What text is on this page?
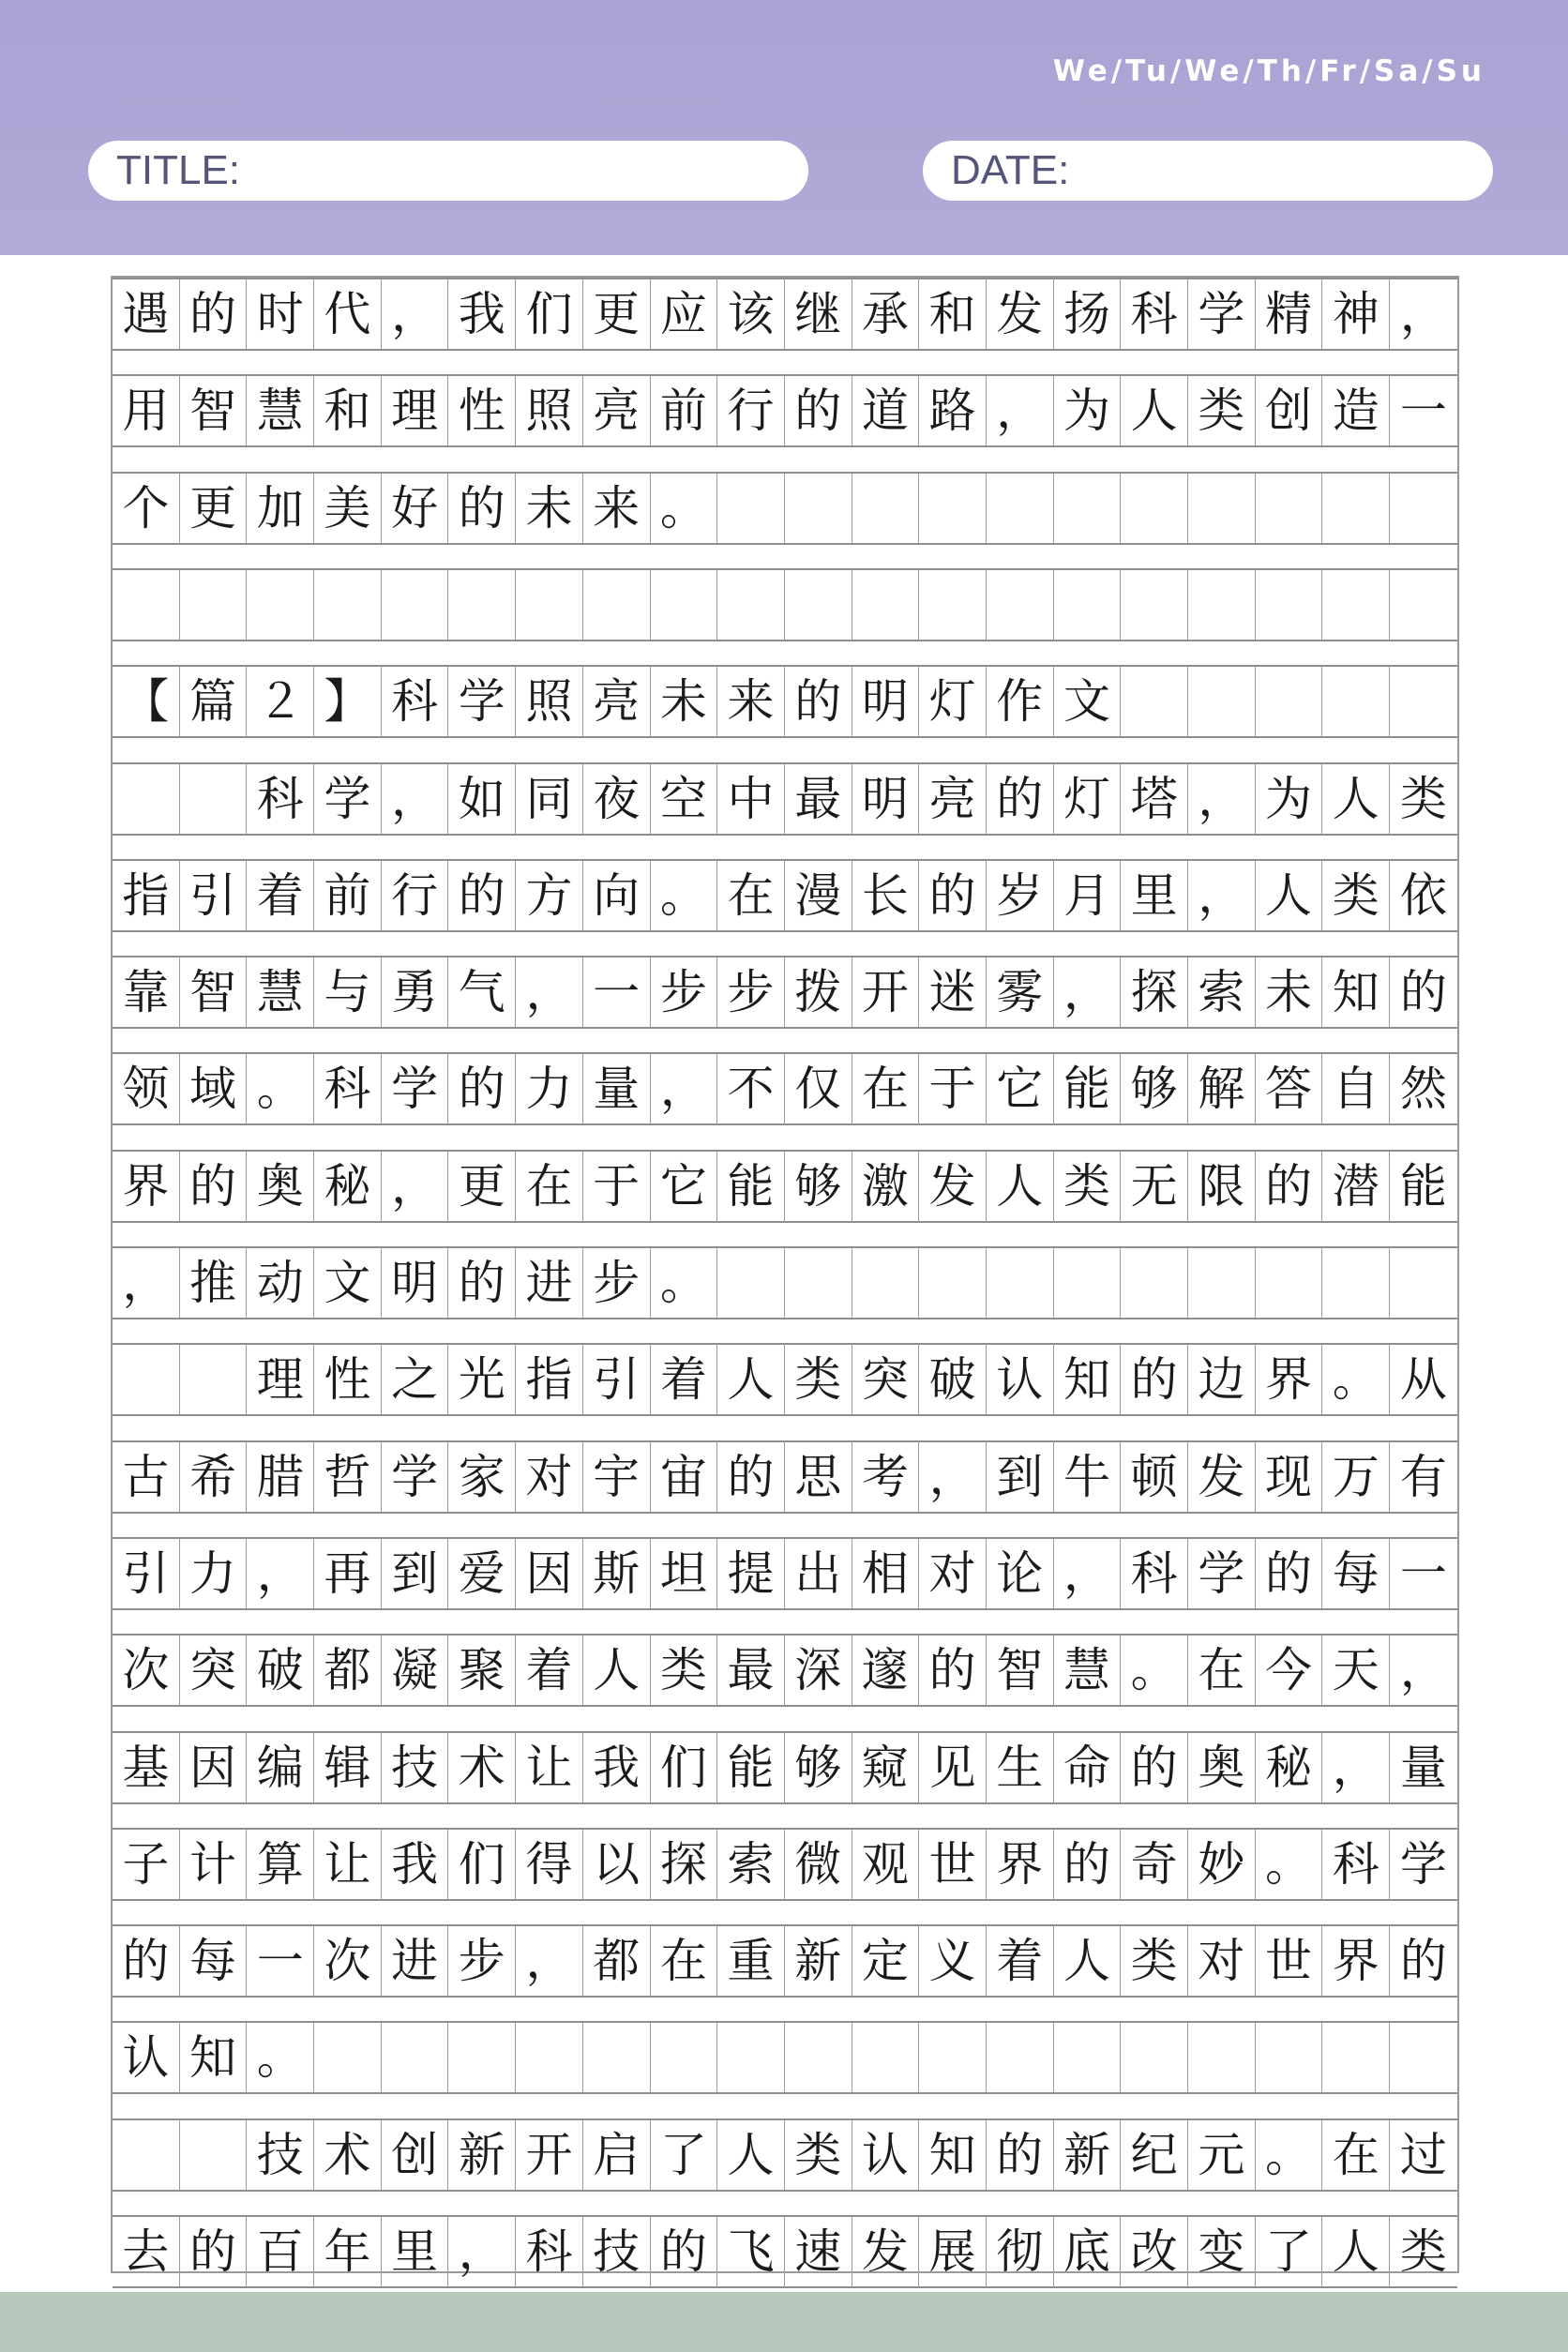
We/Tu/We/Th/Fr/Sa/Su
TITLE:	DATE:
遇 的 时 代 ， 我 们 更 应 该 继 承 和 发 扬 科 学 精 神 ，
用 智 慧 和 理 性 照 亮 前 行 的 道 路 ， 为 人 类 创 造 一
个 更 加 美 好 的 未 来 。
【 篇 ２ 】 科 学 照 亮 未 来 的 明 灯 作 文
科 学 ， 如 同 夜 空 中 最 明 亮 的 灯 塔 ， 为 人 类
指 引 着 前 行 的 方 向 。 在 漫 长 的 岁 月 里 ， 人 类 依
靠 智 慧 与 勇 气 ， 一 步 步 拨 开 迷 雾 ， 探 索 未 知 的
领 域 。 科 学 的 力 量 ， 不 仅 在 于 它 能 够 解 答 自 然
界 的 奥 秘 ， 更 在 于 它 能 够 激 发 人 类 无 限 的 潜 能
， 推 动 文 明 的 进 步 。
理 性 之 光 指 引 着 人 类 突 破 认 知 的 边 界 。 从
古 希 腊 哲 学 家 对 宇 宙 的 思 考 ， 到 牛 顿 发 现 万 有
引 力 ， 再 到 爱 因 斯 坦 提 出 相 对 论 ， 科 学 的 每 一
次 突 破 都 凝 聚 着 人 类 最 深 邃 的 智 慧 。 在 今 天 ，
基 因 编 辑 技 术 让 我 们 能 够 窥 见 生 命 的 奥 秘 ， 量
子 计 算 让 我 们 得 以 探 索 微 观 世 界 的 奇 妙 。 科 学
的 每 一 次 进 步 ， 都 在 重 新 定 义 着 人 类 对 世 界 的
认 知 。
技 术 创 新 开 启 了 人 类 认 知 的 新 纪 元 。 在 过
去 的 百 年 里 ， 科 技 的 飞 速 发 展 彻 底 改 变 了 人 类
